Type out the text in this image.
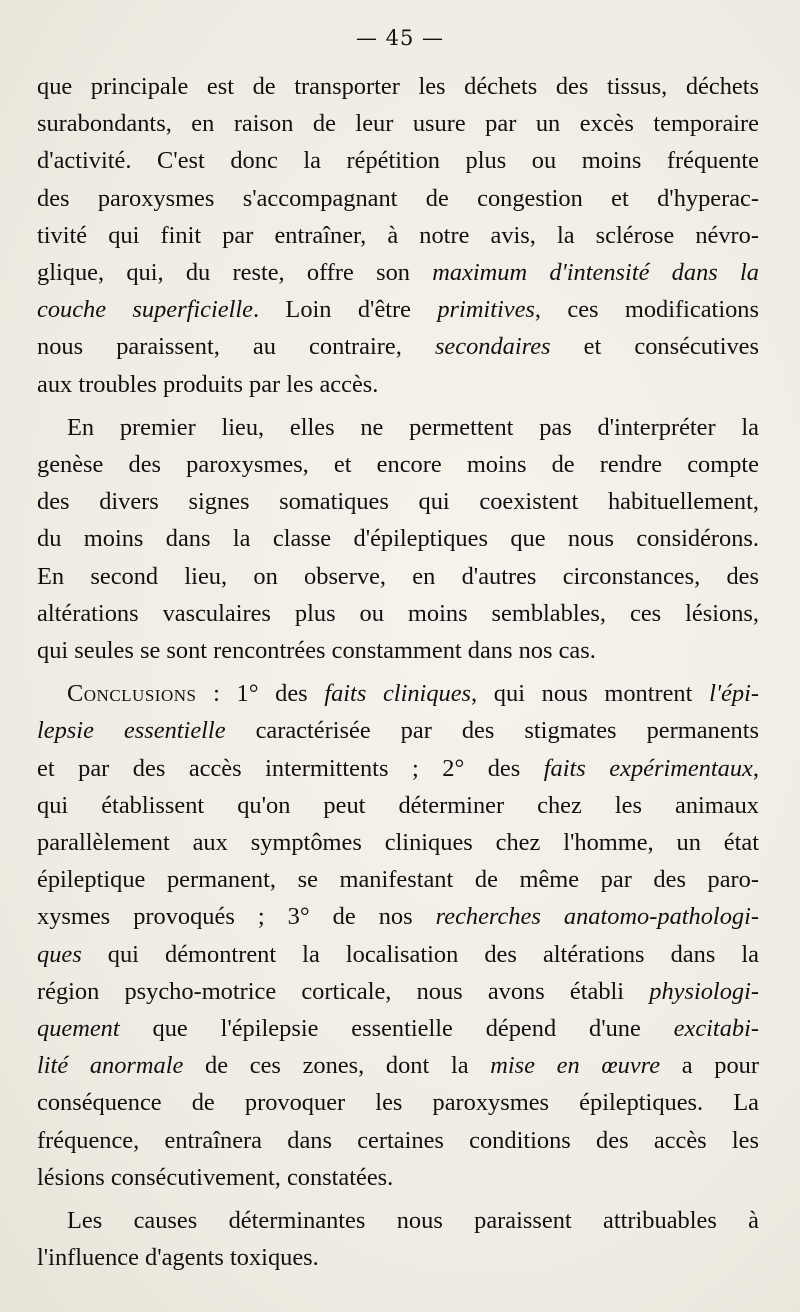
— 45 —

que principale est de transporter les déchets des tissus, déchets
surabondants, en raison de leur usure par un excès temporaire
d'activité. C'est donc la répétition plus ou moins fréquente
des paroxysmes s'accompagnant de congestion et d'hyperac-
tivité qui finit par entraîner, à notre avis, la sclérose névro-
glique, qui, du reste, offre son maximum d'intensité dans la
couche superficielle. Loin d'être primitives, ces modifications
nous paraissent, au contraire, secondaires et consécutives
aux troubles produits par les accès.

En premier lieu, elles ne permettent pas d'interpréter la
genèse des paroxysmes, et encore moins de rendre compte
des divers signes somatiques qui coexistent habituellement,
du moins dans la classe d'épileptiques que nous considérons.
En second lieu, on observe, en d'autres circonstances, des
altérations vasculaires plus ou moins semblables, ces lésions,
qui seules se sont rencontrées constamment dans nos cas.

Conclusions : 1° des faits cliniques, qui nous montrent l'épi-
lepsie essentielle caractérisée par des stigmates permanents
et par des accès intermittents ; 2° des faits expérimentaux,
qui établissent qu'on peut déterminer chez les animaux
parallèlement aux symptômes cliniques chez l'homme, un état
épileptique permanent, se manifestant de même par des paro-
xysmes provoqués ; 3° de nos recherches anatomo-pathologi-
ques qui démontrent la localisation des altérations dans la
région psycho-motrice corticale, nous avons établi physiologi-
quement que l'épilepsie essentielle dépend d'une excitabi-
lité anormale de ces zones, dont la mise en œuvre a pour
conséquence de provoquer les paroxysmes épileptiques. La
fréquence, entraînera dans certaines conditions des accès les
lésions consécutivement, constatées.

Les causes déterminantes nous paraissent attribuables à
l'influence d'agents toxiques.
